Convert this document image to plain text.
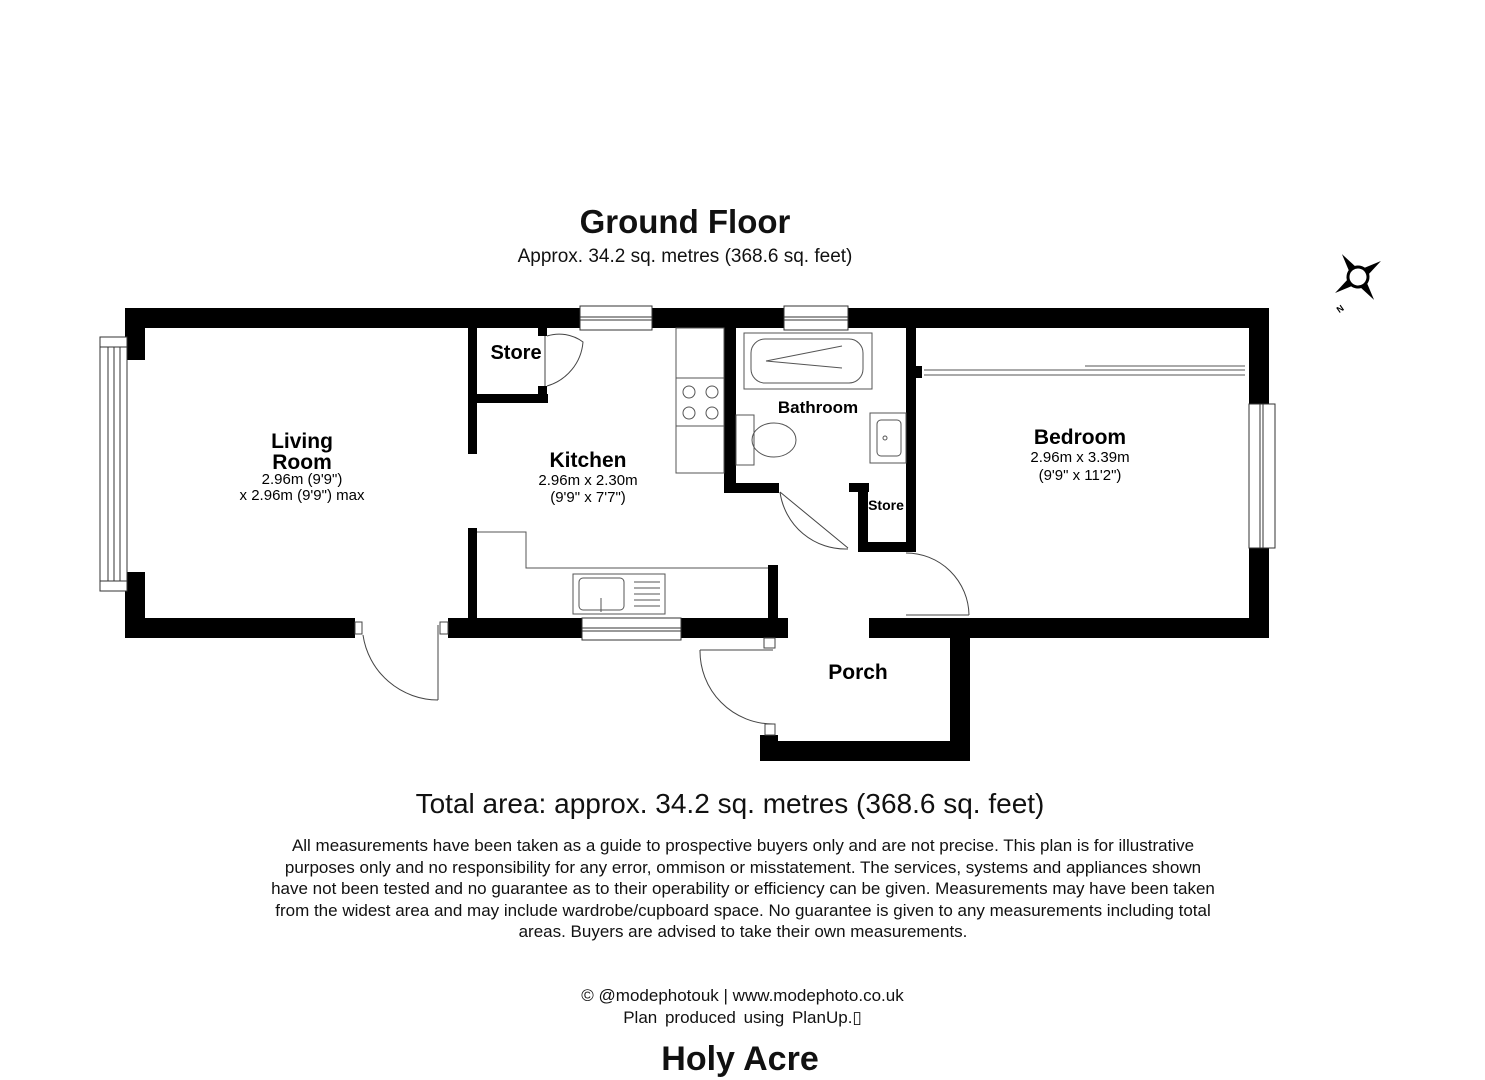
Ground Floor
Approx. 34.2 sq. metres (368.6 sq. feet)
N
Living
Room
2.96m (9'9")
x 2.96m (9'9") max
Store
Kitchen
2.96m x 2.30m
(9'9" x 7'7")
Bathroom
Store
Bedroom
2.96m x 3.39m
(9'9" x 11'2")
Porch
Total area: approx. 34.2 sq. metres (368.6 sq. feet)
All measurements have been taken as a guide to prospective buyers only and are not precise. This plan is for illustrative purposes only and no responsibility for any error, ommison or misstatement. The services, systems and appliances shown have not been tested and no guarantee as to their operability or efficiency can be given. Measurements may have been taken from the widest area and may include wardrobe/cupboard space. No guarantee is given to any measurements including total areas. Buyers are advised to take their own measurements.
© @modephotouk | www.modephoto.co.uk
Plan produced using PlanUp.▯
Holy Acre
